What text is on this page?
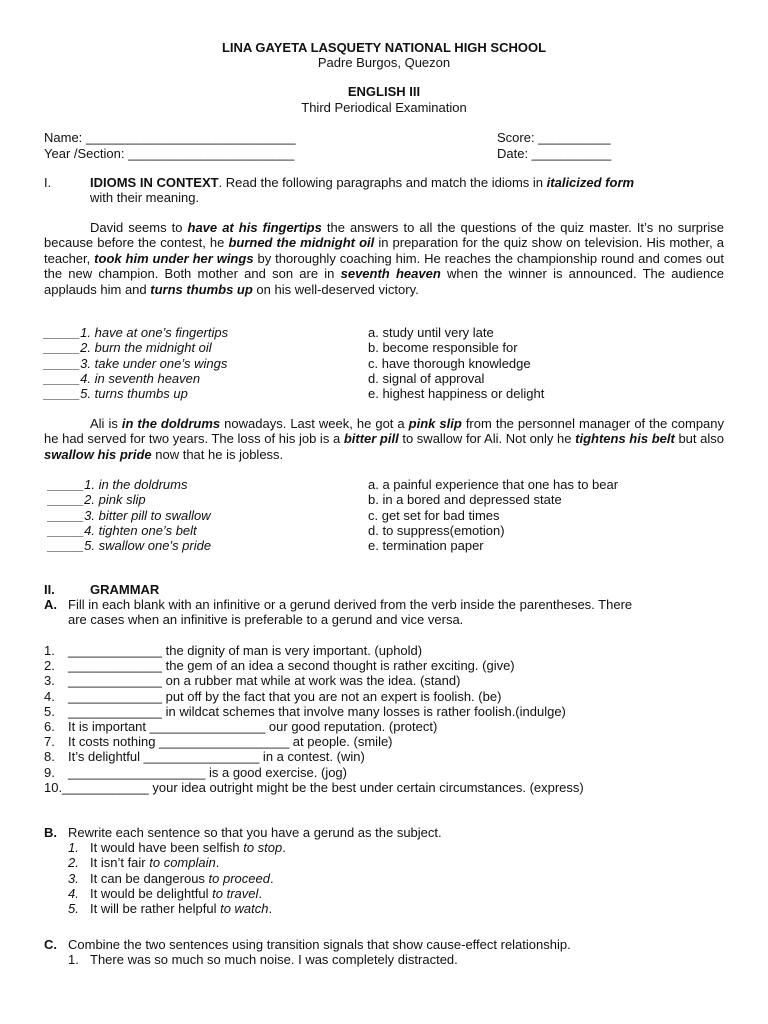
LINA GAYETA LASQUETY NATIONAL HIGH SCHOOL
Padre Burgos, Quezon
ENGLISH III
Third Periodical Examination
Name: _____________________________
Year /Section: _______________________
Score: __________
Date: ___________
I.	IDIOMS IN CONTEXT. Read the following paragraphs and match the idioms in italicized form
with their meaning.
David seems to have at his fingertips the answers to all the questions of the quiz master. It’s no surprise because before the contest, he burned the midnight oil in preparation for the quiz show on television. His mother, a teacher, took him under her wings by thoroughly coaching him. He reaches the championship round and comes out the new champion. Both mother and son are in seventh heaven when the winner is announced. The audience applauds him and turns thumbs up on his well-deserved victory.
_____1. have at one’s fingertips
_____2. burn the midnight oil
_____3. take under one’s wings
_____4. in seventh heaven
_____5. turns thumbs up
a. study until very late
b. become responsible for
c. have thorough knowledge
d. signal of approval
e. highest happiness or delight
Ali is in the doldrums nowadays. Last week, he got a pink slip from the personnel manager of the company he had served for two years. The loss of his job is a bitter pill to swallow for Ali. Not only he tightens his belt but also swallow his pride now that he is jobless.
_____1. in the doldrums
_____2. pink slip
_____3. bitter pill to swallow
_____4. tighten one’s belt
_____5. swallow one’s pride
a. a painful experience that one has to bear
b. in a bored and depressed state
c. get set for bad times
d. to suppress(emotion)
e. termination paper
II.	GRAMMAR
A. Fill in each blank with an infinitive or a gerund derived from the verb inside the parentheses. There
are cases when an infinitive is preferable to a gerund and vice versa.
1. _____________ the dignity of man is very important. (uphold)
2. _____________ the gem of an idea a second thought is rather exciting. (give)
3. _____________ on a rubber mat while at work was the idea. (stand)
4. _____________ put off by the fact that you are not an expert is foolish. (be)
5. _____________ in wildcat schemes that involve many losses is rather foolish.(indulge)
6. It is important ________________ our good reputation. (protect)
7. It costs nothing __________________ at people. (smile)
8. It’s delightful ________________ in a contest. (win)
9. ___________________ is a good exercise. (jog)
10. ____________ your idea outright might be the best under certain circumstances. (express)
B. Rewrite each sentence so that you have a gerund as the subject.
1. It would have been selfish to stop.
2. It isn’t fair to complain.
3. It can be dangerous to proceed.
4. It would be delightful to travel.
5. It will be rather helpful to watch.
C. Combine the two sentences using transition signals that show cause-effect relationship.
1. There was so much so much noise. I was completely distracted.
